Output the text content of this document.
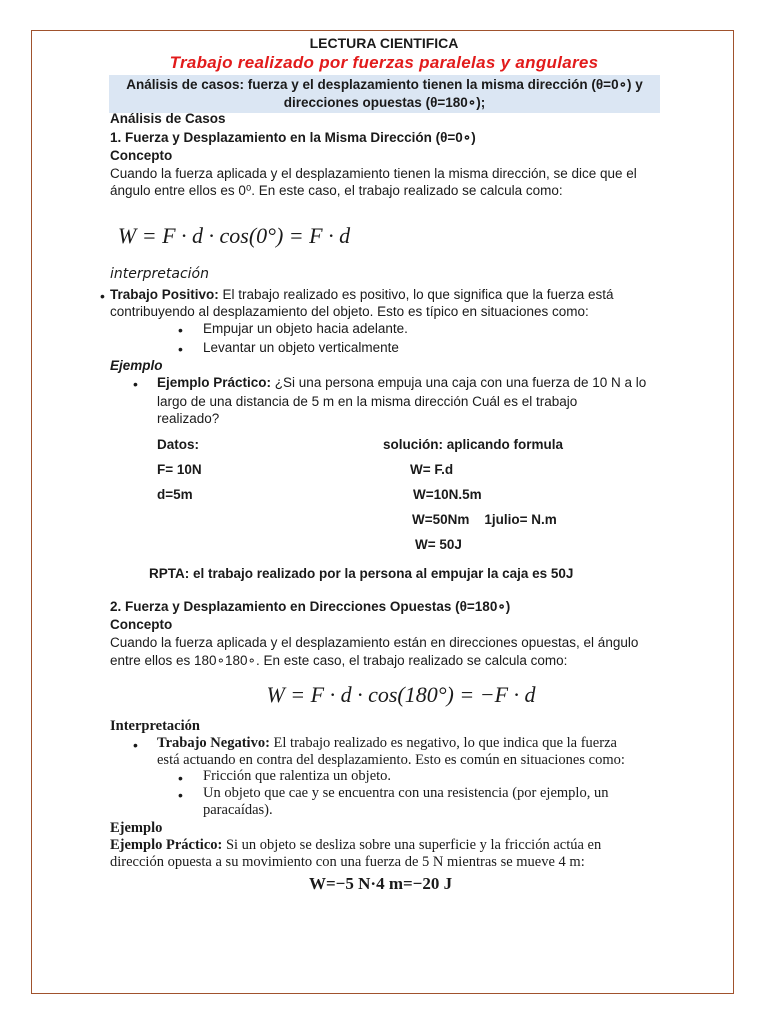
LECTURA CIENTIFICA
Trabajo realizado por fuerzas paralelas y angulares
Análisis de casos: fuerza y el desplazamiento tienen la misma dirección (θ=0∘) y
direcciones opuestas (θ=180∘);
Análisis de Casos
1. Fuerza y Desplazamiento en la Misma Dirección (θ=0∘)
Concepto
Cuando la fuerza aplicada y el desplazamiento tienen la misma dirección, se dice que el
ángulo entre ellos es 0⁰. En este caso, el trabajo realizado se calcula como:
W = F · d · cos(0°) = F · d
interpretación
• Trabajo Positivo: El trabajo realizado es positivo, lo que significa que la fuerza está
contribuyendo al desplazamiento del objeto. Esto es típico en situaciones como:
• Empujar un objeto hacia adelante.
• Levantar un objeto verticalmente
Ejemplo
• Ejemplo Práctico: ¿Si una persona empuja una caja con una fuerza de 10 N a lo
largo de una distancia de 5 m en la misma dirección Cuál es el trabajo
realizado?
Datos:	solución: aplicando formula
F= 10N	W= F.d
d=5m	W=10N.5m
W=50Nm    1julio= N.m
W= 50J
RPTA: el trabajo realizado por la persona al empujar la caja es 50J
2. Fuerza y Desplazamiento en Direcciones Opuestas (θ=180∘)
Concepto
Cuando la fuerza aplicada y el desplazamiento están en direcciones opuestas, el ángulo
entre ellos es 180∘180∘. En este caso, el trabajo realizado se calcula como:
W = F · d · cos(180°) = −F · d
Interpretación
• Trabajo Negativo: El trabajo realizado es negativo, lo que indica que la fuerza
está actuando en contra del desplazamiento. Esto es común en situaciones como:
• Fricción que ralentiza un objeto.
• Un objeto que cae y se encuentra con una resistencia (por ejemplo, un
paracaídas).
Ejemplo
Ejemplo Práctico: Si un objeto se desliza sobre una superficie y la fricción actúa en
dirección opuesta a su movimiento con una fuerza de 5 N mientras se mueve 4 m:
W=−5 N·4 m=−20 J
